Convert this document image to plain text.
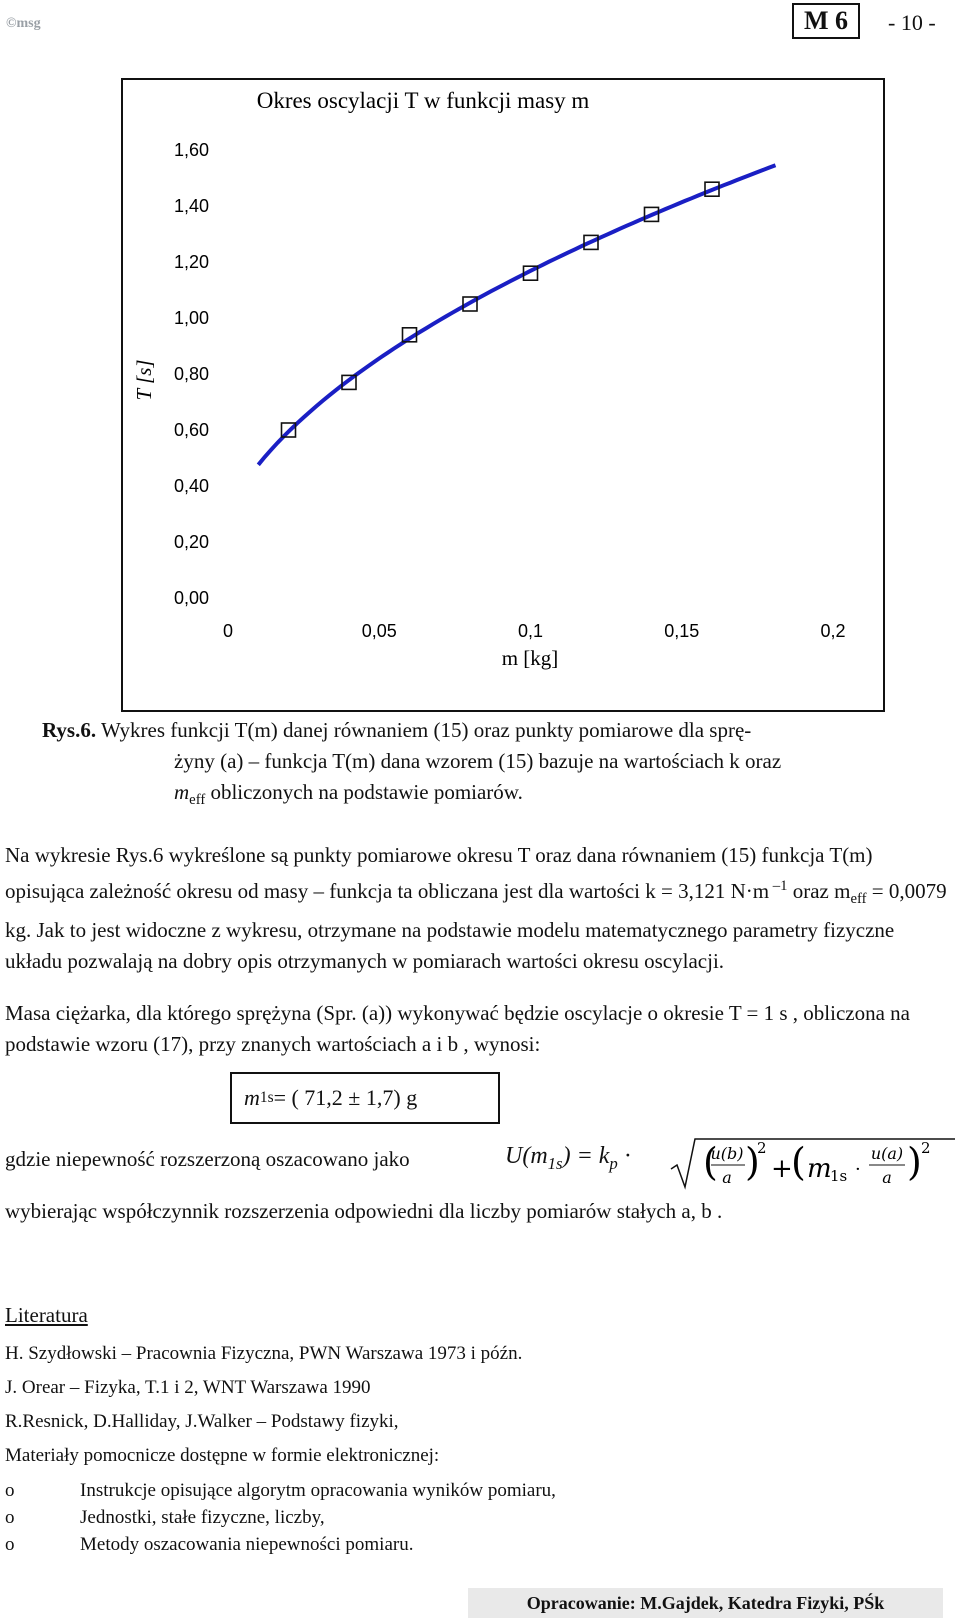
©msg	M 6	- 10 -
Okres oscylacji T w funkcji masy m
T [s]
m [kg]
0,00
0,20
0,40
0,60
0,80
1,00
1,20
1,40
1,60
0	0,05	0,1	0,15	0,2
Rys.6. Wykres funkcji T(m) danej równaniem (15) oraz punkty pomiarowe dla sprę-
żyny (a) – funkcja T(m) dana wzorem (15) bazuje na wartościach k oraz
$m_{eff}$ obliczonych na podstawie pomiarów.
Na wykresie Rys.6 wykreślone są punkty pomiarowe okresu T oraz dana równaniem (15) funkcja T(m) opisująca zależność okresu od masy – funkcja ta obliczana jest dla wartości k = 3,121 N·m $^{-1}$ oraz $m_{eff} = 0,0079$ kg. Jak to jest widoczne z wykresu, otrzymane na podstawie modelu matematycznego parametry fizyczne układu pozwalają na dobry opis otrzymanych w pomiarach wartości okresu oscylacji.
Masa ciężarka, dla którego sprężyna (Spr. (a)) wykonywać będzie oscylacje o okresie T = 1 s , obliczona na podstawie wzoru (17), przy znanych wartościach a i b , wynosi:
m 1s = ( 71,2 ± 1,7) g
gdzie niepewność rozszerzoną oszacowano jako	$U(m_{1s}) = k_p$ · (
u(b)
a )
2
+
( m
1s ·
u(a)
a ) 2
wybierając współczynnik rozszerzenia odpowiedni dla liczby pomiarów stałych a, b .
Literatura
H. Szydłowski – Pracownia Fizyczna, PWN Warszawa 1973 i późn.
J. Orear – Fizyka, T.1 i 2, WNT Warszawa 1990
R.Resnick, D.Halliday, J.Walker – Podstawy fizyki,
Materiały pomocnicze dostępne w formie elektronicznej:
o	Instrukcje opisujące algorytm opracowania wyników pomiaru,
o	Jednostki, stałe fizyczne, liczby,
o	Metody oszacowania niepewności pomiaru.
Opracowanie: M.Gajdek, Katedra Fizyki, PŚk
